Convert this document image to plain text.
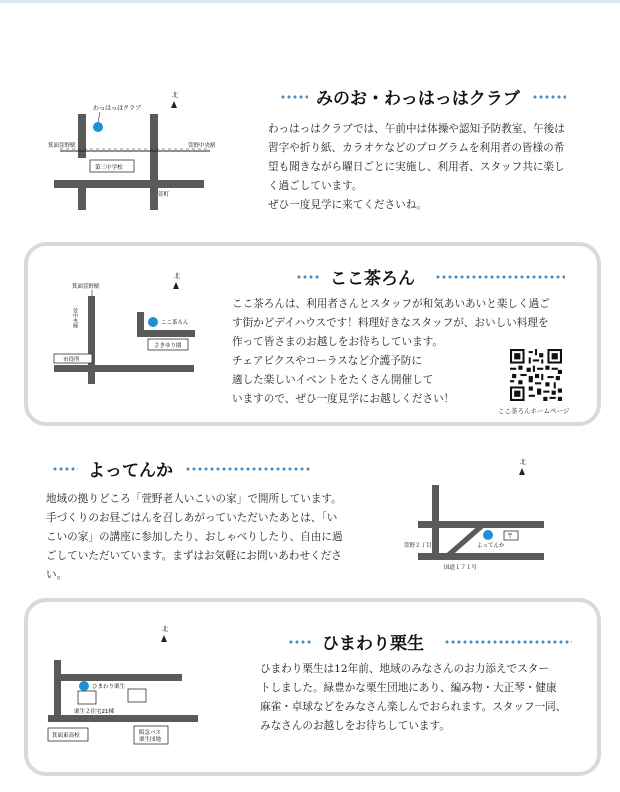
みのお・わっはっはクラブ
わっはっはクラブでは、午前中は体操や認知予防教室、午後は
習字や折り紙、カラオケなどのプログラムを利用者の皆様の希
望も聞きながら曜日ごとに実施し、利用者、スタッフ共に楽し
く過ごしています。
ぜひ一度見学に来てくださいね。
北
わっはっはクラブ
箕面萱野駅	萱野中央駅
第三中学校
萱町
ここ茶ろん
ここ茶ろんは、利用者さんとスタッフが和気あいあいと楽しく過ご
す街かどデイハウスです！料理好きなスタッフが、おいしい料理を
作って皆さまのお越しをお待ちしています。
チェアビクスやコーラスなど介護予防に
適した楽しいイベントをたくさん開催して
いますので、ぜひ一度見学にお越しください！
ここ茶ろんホームページ
北
箕面萱野駅
萱中央線	ここ茶ろん
さきゆり園
市役所
よってんか
地域の拠りどころ「萱野老人いこいの家」で開所しています。
手づくりのお昼ごはんを召しあがっていただいたあとは、「い
こいの家」の講座に参加したり、おしゃべりしたり、自由に過
ごしていただいています。まずはお気軽にお問いあわせくださ
い。
北
よってんか
〒
萱野２丁目
国道１７１号
ひまわり栗生
ひまわり栗生は12年前、地域のみなさんのお力添えでスター
トしました。緑豊かな栗生団地にあり、編み物・大正琴・健康
麻雀・卓球などをみなさん楽しんでおられます。スタッフ一同、
みなさんのお越しをお待ちしています。
北
ひまわり栗生
栗生２住宅21棟
箕面東高校	阪急バス
栗生団地
